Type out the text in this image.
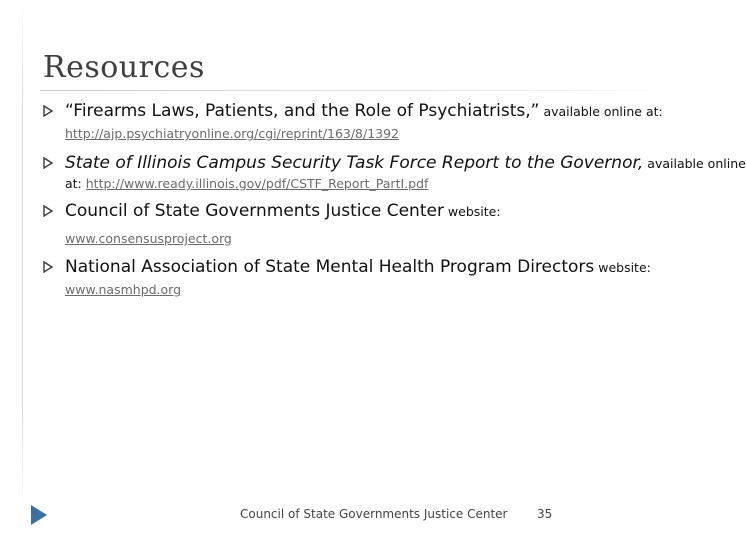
Resources
“Firearms Laws, Patients, and the Role of Psychiatrists,” available online at:
http://ajp.psychiatryonline.org/cgi/reprint/163/8/1392
State of Illinois Campus Security Task Force Report to the Governor, available online
at: http://www.ready.illinois.gov/pdf/CSTF_Report_PartI.pdf
Council of State Governments Justice Center website:
www.consensusproject.org
National Association of State Mental Health Program Directors website:
www.nasmhpd.org
Council of State Governments Justice Center 35
